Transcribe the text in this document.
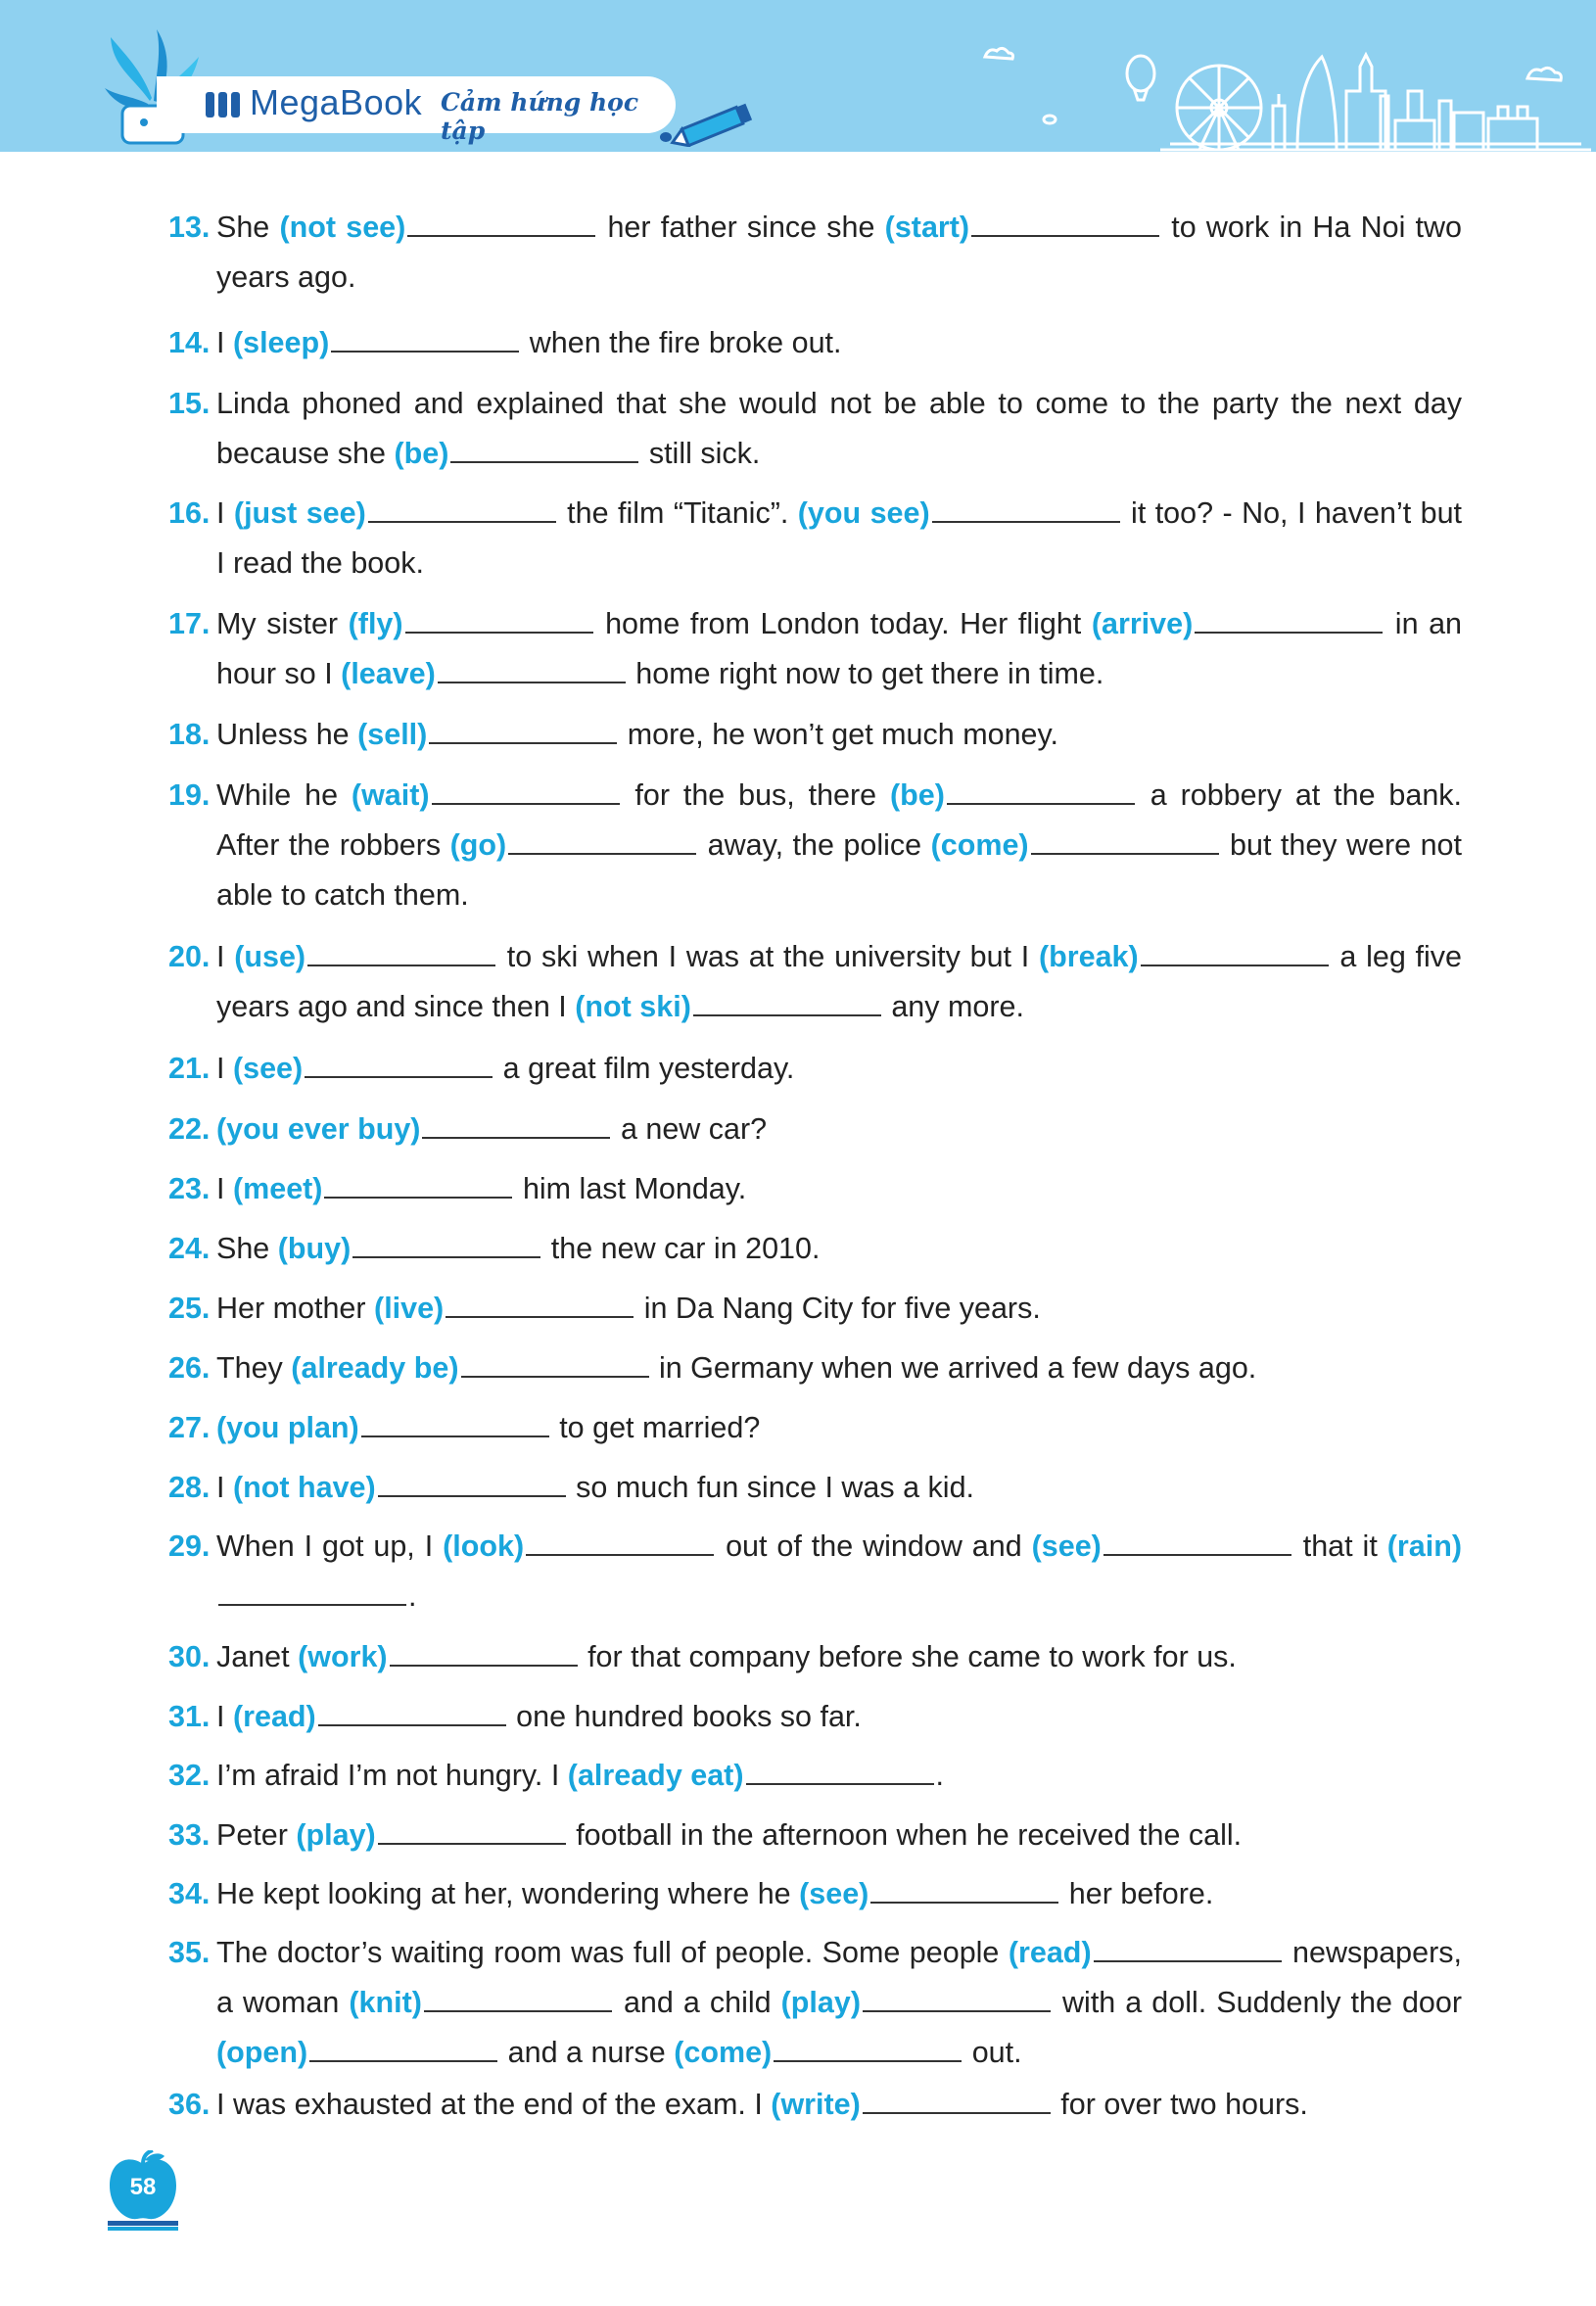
MegaBook Cảm hứng học tập
13. She (not see)	her father since she (start)	to work in Ha Noi two years ago.
14. I (sleep)	when the fire broke out.
15. Linda phoned and explained that she would not be able to come to the party the next day because she (be)	still sick.
16. I (just see)	the film “Titanic”. (you see)	it too? - No, I haven’t but I read the book.
17. My sister (fly)	home from London today. Her flight (arrive)	in an hour so I (leave)	home right now to get there in time.
18. Unless he (sell)	more, he won’t get much money.
19. While he (wait)	for the bus, there (be)	a robbery at the bank. After the robbers (go)	away, the police (come)	but they were not able to catch them.
20. I (use)	to ski when I was at the university but I (break)	a leg five years ago and since then I (not ski)	any more.
21. I (see)	a great film yesterday.
22. (you ever buy)	a new car?
23. I (meet)	him last Monday.
24. She (buy)	the new car in 2010.
25. Her mother (live)	in Da Nang City for five years.
26. They (already be)	in Germany when we arrived a few days ago.
27. (you plan)	to get married?
28. I (not have)	so much fun since I was a kid.
29. When I got up, I (look)	out of the window and (see)	that it (rain).
30. Janet (work)	for that company before she came to work for us.
31. I (read)	one hundred books so far.
32. I’m afraid I’m not hungry. I (already eat)	.
33. Peter (play)	football in the afternoon when he received the call.
34. He kept looking at her, wondering where he (see)	her before.
35. The doctor’s waiting room was full of people. Some people (read)	newspapers, a woman (knit)	and a child (play)	with a doll. Suddenly the door (open)	and a nurse (come)	out.
36. I was exhausted at the end of the exam. I (write)	for over two hours.
58
